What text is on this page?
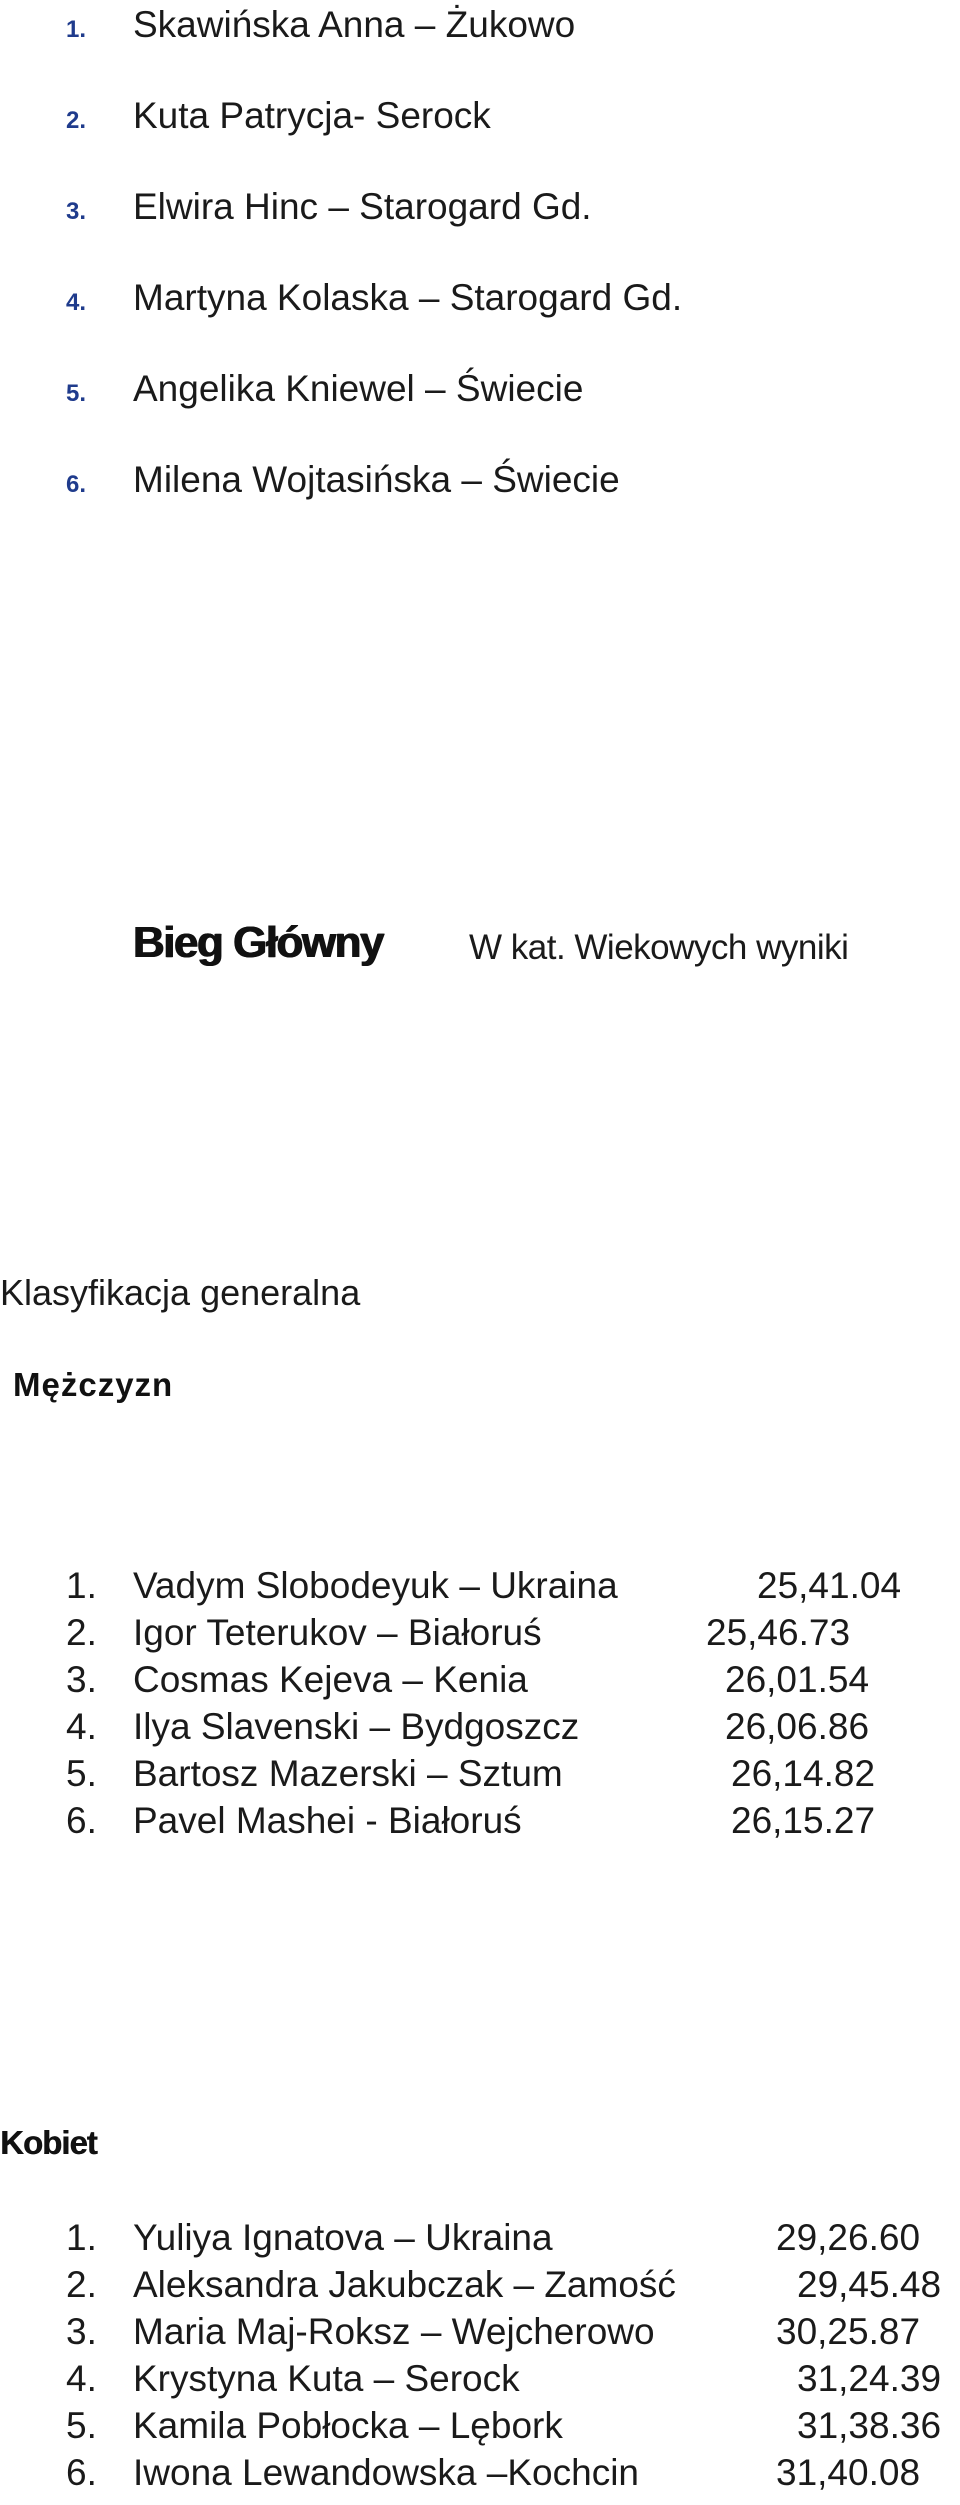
1. Skawińska Anna – Żukowo
2. Kuta Patrycja- Serock
3. Elwira Hinc – Starogard Gd.
4. Martyna Kolaska – Starogard Gd.
5. Angelika Kniewel – Świecie
6. Milena Wojtasińska – Świecie
Bieg Główny W kat. Wiekowych wyniki
Klasyfikacja generalna
Mężczyzn
1. Vadym Slobodeyuk – Ukraina	25,41.04
2. Igor Teterukov – Białoruś	25,46.73
3. Cosmas Kejeva – Kenia	26,01.54
4. Ilya Slavenski – Bydgoszcz	26,06.86
5. Bartosz Mazerski – Sztum	26,14.82
6. Pavel Mashei - Białoruś	26,15.27
Kobiet
1. Yuliya Ignatova – Ukraina	29,26.60
2. Aleksandra Jakubczak – Zamość	29,45.48
3. Maria Maj-Roksz – Wejcherowo	30,25.87
4. Krystyna Kuta – Serock	31,24.39
5. Kamila Pobłocka – Lębork	31,38.36
6. Iwona Lewandowska –Kochcin	31,40.08
